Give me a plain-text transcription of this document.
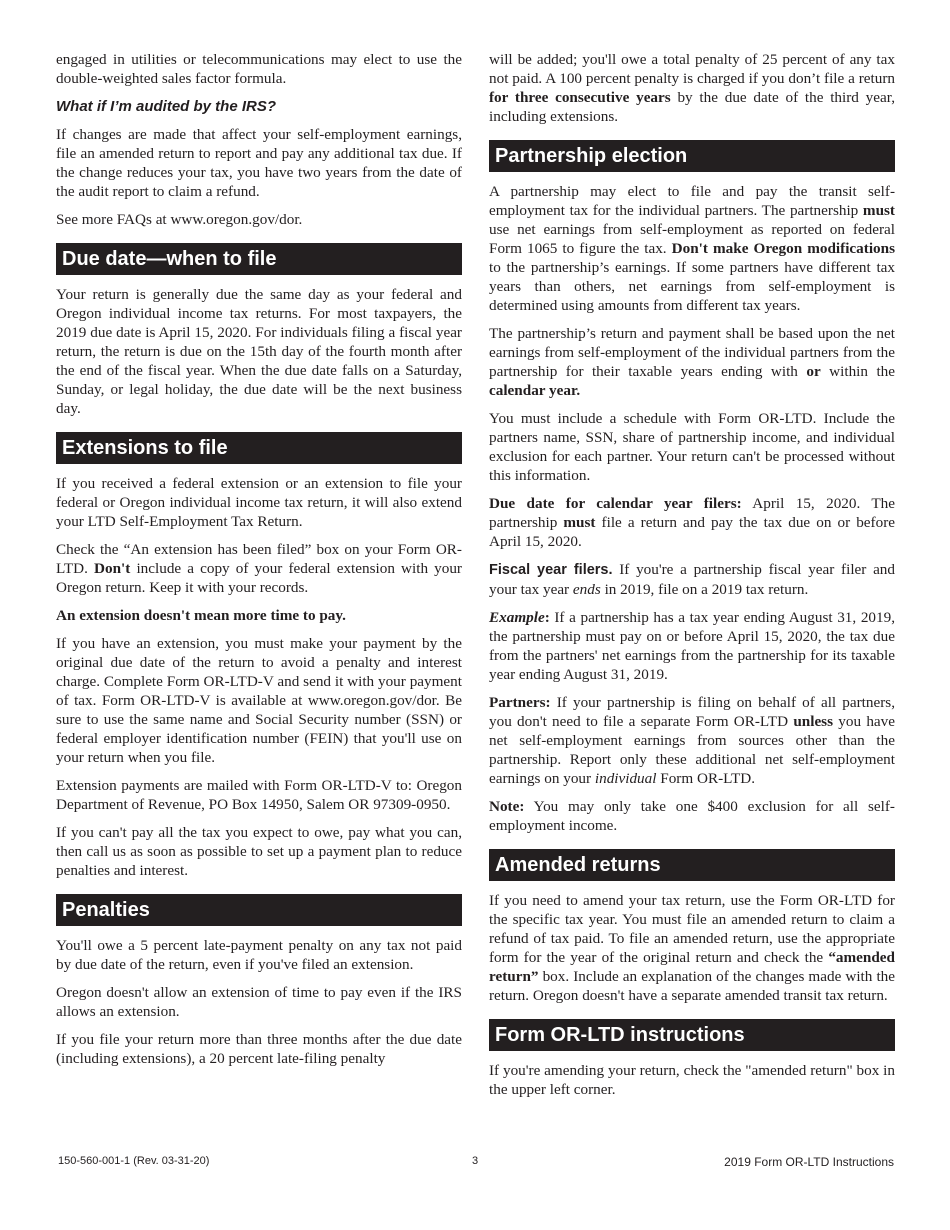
engaged in utilities or telecommunications may elect to use the double-weighted sales factor formula.

What if I’m audited by the IRS?

If changes are made that affect your self-employment earnings, file an amended return to report and pay any additional tax due. If the change reduces your tax, you have two years from the date of the audit report to claim a refund.

See more FAQs at www.oregon.gov/dor.

Due date—when to file

Your return is generally due the same day as your federal and Oregon individual income tax returns. For most taxpayers, the 2019 due date is April 15, 2020. For individuals filing a fiscal year return, the return is due on the 15th day of the fourth month after the end of the fiscal year. When the due date falls on a Saturday, Sunday, or legal holiday, the due date will be the next business day.

Extensions to file

If you received a federal extension or an extension to file your federal or Oregon individual income tax return, it will also extend your LTD Self-Employment Tax Return.

Check the “An extension has been filed” box on your Form OR-LTD. Don't include a copy of your federal extension with your Oregon return. Keep it with your records.

An extension doesn't mean more time to pay.

If you have an extension, you must make your payment by the original due date of the return to avoid a penalty and interest charge. Complete Form OR-LTD-V and send it with your payment of tax. Form OR-LTD-V is available at www.oregon.gov/dor. Be sure to use the same name and Social Security number (SSN) or federal employer identification number (FEIN) that you'll use on your return when you file.

Extension payments are mailed with Form OR-LTD-V to: Oregon Department of Revenue, PO Box 14950, Salem OR 97309-0950.

If you can't pay all the tax you expect to owe, pay what you can, then call us as soon as possible to set up a payment plan to reduce penalties and interest.

Penalties

You'll owe a 5 percent late-payment penalty on any tax not paid by due date of the return, even if you've filed an extension.

Oregon doesn't allow an extension of time to pay even if the IRS allows an extension.

If you file your return more than three months after the due date (including extensions), a 20 percent late-filing penalty

will be added; you'll owe a total penalty of 25 percent of any tax not paid. A 100 percent penalty is charged if you don’t file a return for three consecutive years by the due date of the third year, including extensions.

Partnership election

A partnership may elect to file and pay the transit self-employment tax for the individual partners. The partnership must use net earnings from self-employment as reported on federal Form 1065 to figure the tax. Don't make Oregon modifications to the partnership’s earnings. If some partners have different tax years than others, net earnings from self-employment is determined using amounts from different tax years.

The partnership’s return and payment shall be based upon the net earnings from self-employment of the individual partners from the partnership for their taxable years ending with or within the calendar year.

You must include a schedule with Form OR-LTD. Include the partners name, SSN, share of partnership income, and individual exclusion for each partner. Your return can't be processed without this information.

Due date for calendar year filers: April 15, 2020. The partnership must file a return and pay the tax due on or before April 15, 2020.

Fiscal year filers. If you're a partnership fiscal year filer and your tax year ends in 2019, file on a 2019 tax return.

Example: If a partnership has a tax year ending August 31, 2019, the partnership must pay on or before April 15, 2020, the tax due from the partners' net earnings from the partnership for its taxable year ending August 31, 2019.

Partners: If your partnership is filing on behalf of all partners, you don't need to file a separate Form OR-LTD unless you have net self-employment earnings from sources other than the partnership. Report only these additional net self-employment earnings on your individual Form OR-LTD.

Note: You may only take one $400 exclusion for all self-employment income.

Amended returns

If you need to amend your tax return, use the Form OR-LTD for the specific tax year. You must file an amended return to claim a refund of tax paid. To file an amended return, use the appropriate form for the year of the original return and check the “amended return” box. Include an explanation of the changes made with the return. Oregon doesn't have a separate amended transit tax return.

Form OR-LTD instructions

If you're amending your return, check the "amended return" box in the upper left corner.

150-560-001-1 (Rev. 03-31-20)	3	2019 Form OR-LTD Instructions
